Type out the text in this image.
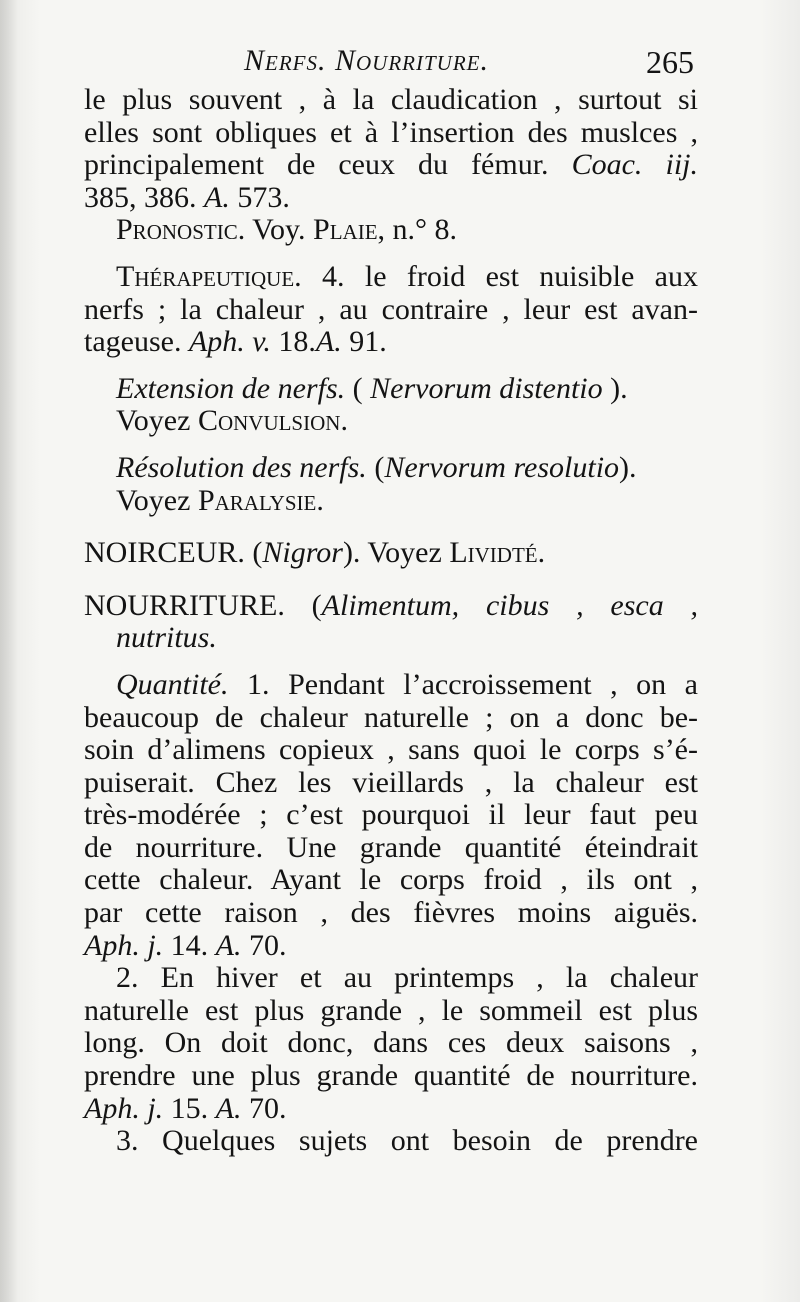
Nerfs. Nourriture.	265
le plus souvent , à la claudication , surtout si
elles sont obliques et à l’insertion des muslces ,
principalement de ceux du fémur. Coac. iij.
385, 386. A. 573.
Pronostic. Voy. Plaie, n.° 8.
Thérapeutique. 4. le froid est nuisible aux
nerfs ; la chaleur , au contraire , leur est avan-
tageuse. Aph. v. 18.A. 91.
Extension de nerfs. ( Nervorum distentio ).
Voyez Convulsion.
Résolution des nerfs. (Nervorum resolutio).
Voyez Paralysie.
NOIRCEUR. (Nigror). Voyez Lividté.
NOURRITURE. (Alimentum, cibus , esca ,
nutritus.
Quantité. 1. Pendant l’accroissement , on a
beaucoup de chaleur naturelle ; on a donc be-
soin d’alimens copieux , sans quoi le corps s’é-
puiserait. Chez les vieillards , la chaleur est
très-modérée ; c’est pourquoi il leur faut peu
de nourriture. Une grande quantité éteindrait
cette chaleur. Ayant le corps froid , ils ont ,
par cette raison , des fièvres moins aiguës.
Aph. j. 14. A. 70.
2. En hiver et au printemps , la chaleur
naturelle est plus grande , le sommeil est plus
long. On doit donc, dans ces deux saisons ,
prendre une plus grande quantité de nourriture.
Aph. j. 15. A. 70.
3. Quelques sujets ont besoin de prendre
